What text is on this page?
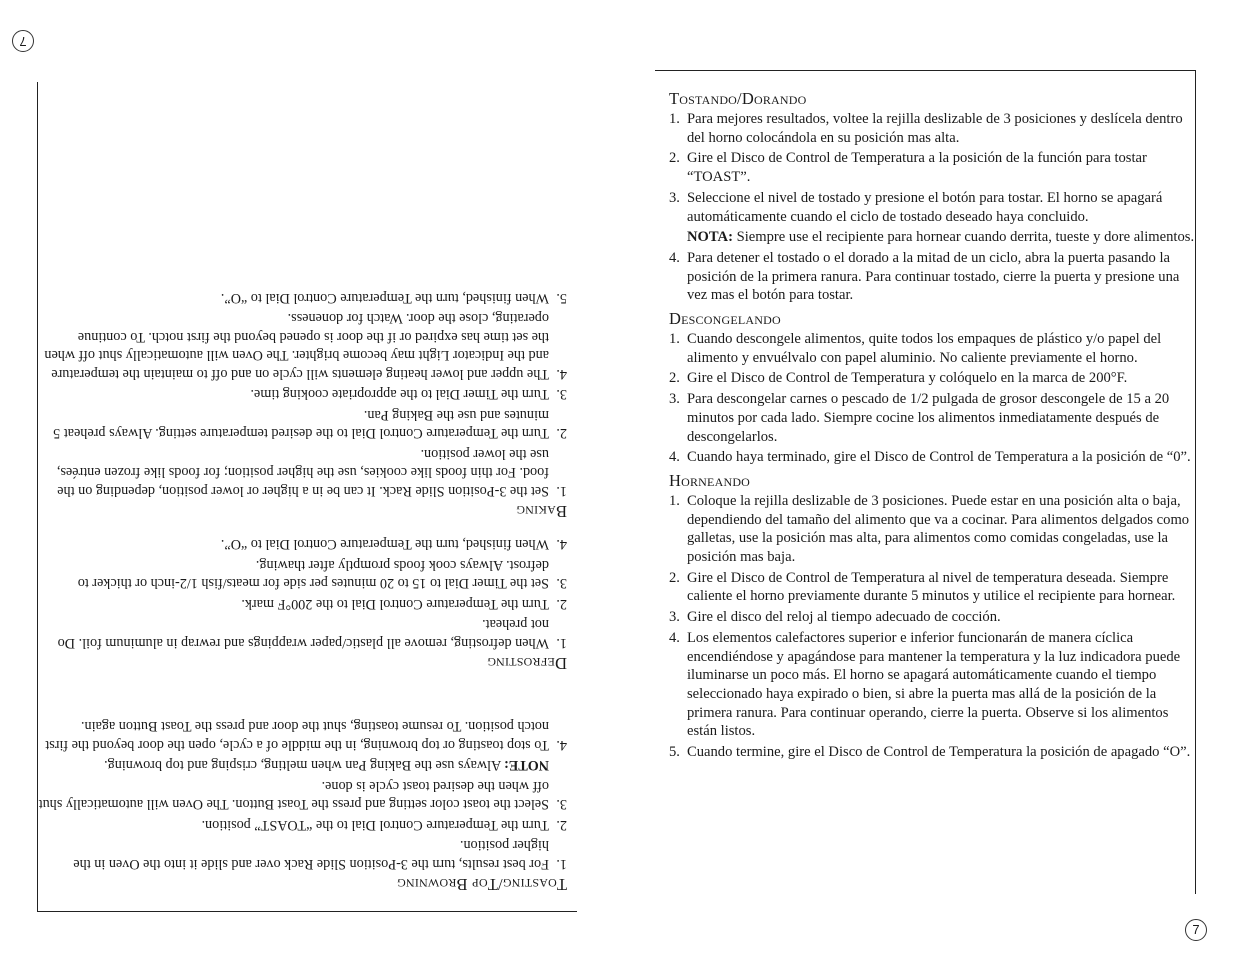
Toasting/Top Browning
1.
For best results, turn the 3-Position Slide Rack over and slide it into the Oven in the higher position.
2.
Turn the Temperature Control Dial to the “TOAST” position.
3.
Select the toast color setting and press the Toast Button. The Oven will automatically shut off when the desired toast cycle is done.
NOTE: Always use the Baking Pan when melting, crisping and top browning.
4.
To stop toasting or top browning, in the middle of a cycle, open the door beyond the first notch position. To resume toasting, shut the door and press the Toast Button again.
Defrosting
1.
When defrosting, remove all plastic/paper wrappings and rewrap in aluminum foil. Do not preheat.
2.
Turn the Temperature Control Dial to the 200°F mark.
3.
Set the Timer Dial to 15 to 20 minutes per side for meats/fish 1/2-inch or thicker to defrost. Always cook foods promptly after thawing.
4.
When finished, turn the Temperature Control Dial to “O”.
Baking
1.
Set the 3-Position Slide Rack. It can be in a higher or lower position, depending on the food. For thin foods like cookies, use the higher position; for foods like frozen entrées, use the lower position.
2.
Turn the Temperature Control Dial to the desired temperature setting. Always preheat 5 minutes and use the Baking Pan.
3.
Turn the Timer Dial to the appropriate cooking time.
4.
The upper and lower heating elements will cycle on and off to maintain the temperature and the Indicator Light may become brighter. The Oven will automatically shut off when the set time has expired or if the door is opened beyond the first notch. To continue operating, close the door. Watch for doneness.
5.
When finished, turn the Temperature Control Dial to “O”.
7
Tostando/Dorando
1. Para mejores resultados, voltee la rejilla deslizable de 3 posiciones y deslícela dentro del horno colocándola en su posición mas alta.
2. Gire el Disco de Control de Temperatura a la posición de la función para tostar “TOAST”.
3. Seleccione el nivel de tostado y presione el botón para tostar. El horno se apagará automáticamente cuando el ciclo de tostado deseado haya concluido.
NOTA: Siempre use el recipiente para hornear cuando derrita, tueste y dore alimentos.
4. Para detener el tostado o el dorado a la mitad de un ciclo, abra la puerta pasando la posición de la primera ranura. Para continuar tostado, cierre la puerta y presione una vez mas el botón para tostar.
Descongelando
1. Cuando descongele alimentos, quite todos los empaques de plástico y/o papel del alimento y envuélvalo con papel aluminio. No caliente previamente el horno.
2. Gire el Disco de Control de Temperatura y colóquelo en la marca de 200°F.
3. Para descongelar carnes o pescado de 1/2 pulgada de grosor descongele de 15 a 20 minutos por cada lado. Siempre cocine los alimentos inmediatamente después de descongelarlos.
4. Cuando haya terminado, gire el Disco de Control de Temperatura a la posición de “0”.
Horneando
1. Coloque la rejilla deslizable de 3 posiciones. Puede estar en una posición alta o baja, dependiendo del tamaño del alimento que va a cocinar. Para alimentos delgados como galletas, use la posición mas alta, para alimentos como comidas congeladas, use la posición mas baja.
2. Gire el Disco de Control de Temperatura al nivel de temperatura deseada. Siempre caliente el horno previamente durante 5 minutos y utilice el recipiente para hornear.
3. Gire el disco del reloj al tiempo adecuado de cocción.
4. Los elementos calefactores superior e inferior funcionarán de manera cíclica encendiéndose y apagándose para mantener la temperatura y la luz indicadora puede iluminarse un poco más. El horno se apagará automáticamente cuando el tiempo seleccionado haya expirado o bien, si abre la puerta mas allá de la posición de la primera ranura. Para continuar operando, cierre la puerta. Observe si los alimentos están listos.
5. Cuando termine, gire el Disco de Control de Temperatura la posición de apagado “O”.
7
